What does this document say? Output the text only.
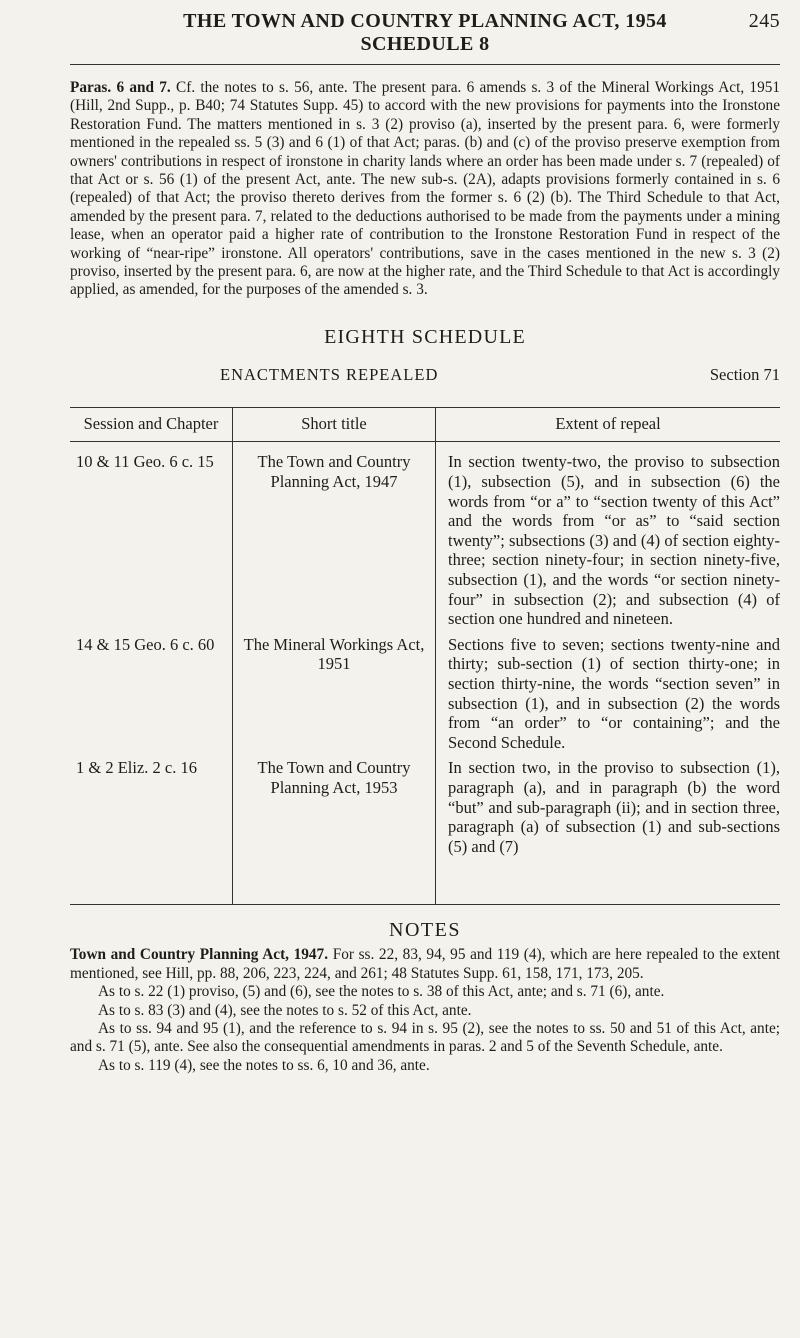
THE TOWN AND COUNTRY PLANNING ACT, 1954	245
SCHEDULE 8

Paras. 6 and 7. Cf. the notes to s. 56, ante. The present para. 6 amends s. 3 of the Mineral Workings Act, 1951 (Hill, 2nd Supp., p. B40; 74 Statutes Supp. 45) to accord with the new provisions for payments into the Ironstone Restoration Fund. The matters mentioned in s. 3 (2) proviso (a), inserted by the present para. 6, were formerly mentioned in the repealed ss. 5 (3) and 6 (1) of that Act; paras. (b) and (c) of the proviso preserve exemption from owners' contributions in respect of ironstone in charity lands where an order has been made under s. 7 (repealed) of that Act or s. 56 (1) of the present Act, ante. The new sub-s. (2A), adapts provisions formerly contained in s. 6 (repealed) of that Act; the proviso thereto derives from the former s. 6 (2) (b). The Third Schedule to that Act, amended by the present para. 7, related to the deductions authorised to be made from the payments under a mining lease, when an operator paid a higher rate of contribution to the Ironstone Restoration Fund in respect of the working of “near-ripe” ironstone. All operators' contributions, save in the cases mentioned in the new s. 3 (2) proviso, inserted by the present para. 6, are now at the higher rate, and the Third Schedule to that Act is accordingly applied, as amended, for the purposes of the amended s. 3.

EIGHTH SCHEDULE
ENACTMENTS REPEALED	Section 71
Session and Chapter	Short title	Extent of repeal
10 & 11 Geo. 6 c. 15	The Town and Country Planning Act, 1947	In section twenty-two, the proviso to subsection (1), subsection (5), and in subsection (6) the words from “or a” to “section twenty of this Act” and the words from “or as” to “said section twenty”; subsections (3) and (4) of section eighty-three; section ninety-four; in section ninety-five, subsection (1), and the words “or section ninety-four” in subsection (2); and subsection (4) of section one hundred and nineteen.
14 & 15 Geo. 6 c. 60	The Mineral Workings Act, 1951	Sections five to seven; sections twenty-nine and thirty; sub-section (1) of section thirty-one; in section thirty-nine, the words “section seven” in subsection (1), and in subsection (2) the words from “an order” to “or containing”; and the Second Schedule.
1 & 2 Eliz. 2 c. 16	The Town and Country Planning Act, 1953	In section two, in the proviso to subsection (1), paragraph (a), and in paragraph (b) the word “but” and sub-paragraph (ii); and in section three, paragraph (a) of subsection (1) and sub-sections (5) and (7)
NOTES

Town and Country Planning Act, 1947. For ss. 22, 83, 94, 95 and 119 (4), which are here repealed to the extent mentioned, see Hill, pp. 88, 206, 223, 224, and 261; 48 Statutes Supp. 61, 158, 171, 173, 205.

As to s. 22 (1) proviso, (5) and (6), see the notes to s. 38 of this Act, ante; and s. 71 (6), ante.

As to s. 83 (3) and (4), see the notes to s. 52 of this Act, ante.

As to ss. 94 and 95 (1), and the reference to s. 94 in s. 95 (2), see the notes to ss. 50 and 51 of this Act, ante; and s. 71 (5), ante. See also the consequential amendments in paras. 2 and 5 of the Seventh Schedule, ante.

As to s. 119 (4), see the notes to ss. 6, 10 and 36, ante.
